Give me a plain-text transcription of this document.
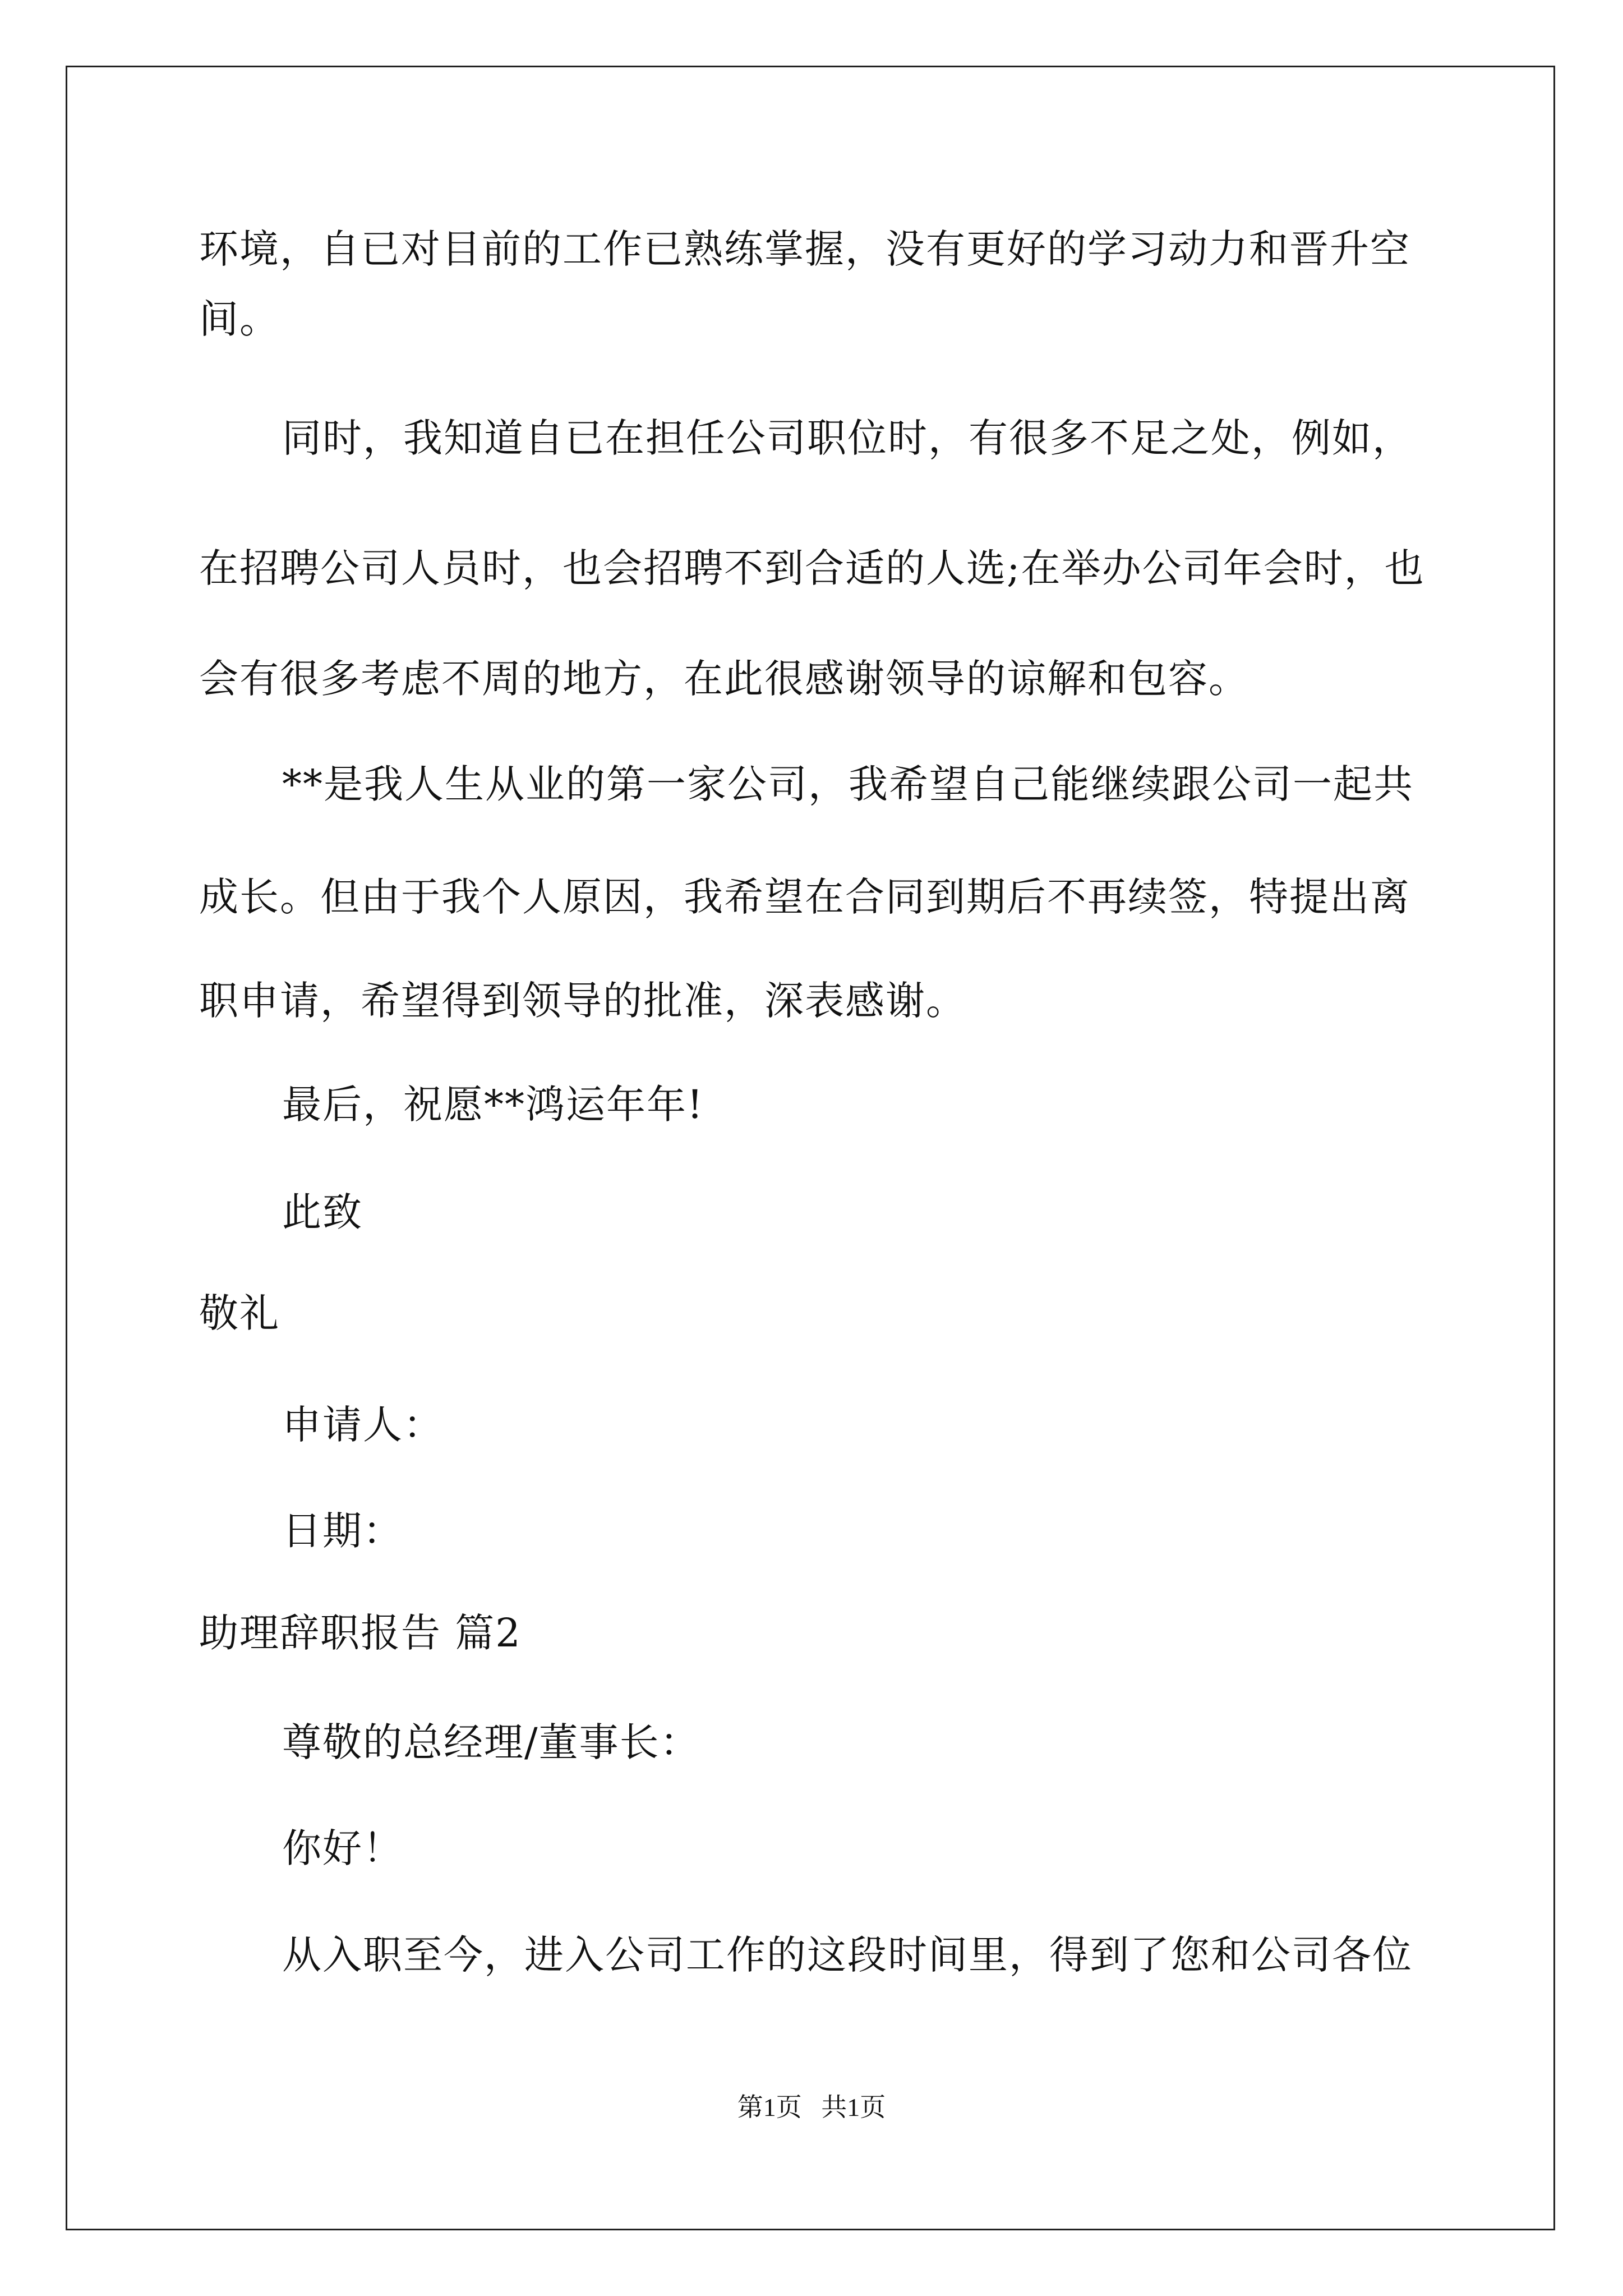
环境，自已对目前的工作已熟练掌握，没有更好的学习动力和晋升空
间。
同时，我知道自已在担任公司职位时，有很多不足之处，例如，
在招聘公司人员时，也会招聘不到合适的人选;在举办公司年会时，也
会有很多考虑不周的地方，在此很感谢领导的谅解和包容。
**是我人生从业的第一家公司，我希望自己能继续跟公司一起共
成长。但由于我个人原因，我希望在合同到期后不再续签，特提出离
职申请，希望得到领导的批准，深表感谢。
最后，祝愿**鸿运年年!
此致
敬礼
申请人：
日期：
助理辞职报告 篇2
尊敬的总经理/董事长：
你好！
从入职至今，进入公司工作的这段时间里，得到了您和公司各位
第1页   共1页
